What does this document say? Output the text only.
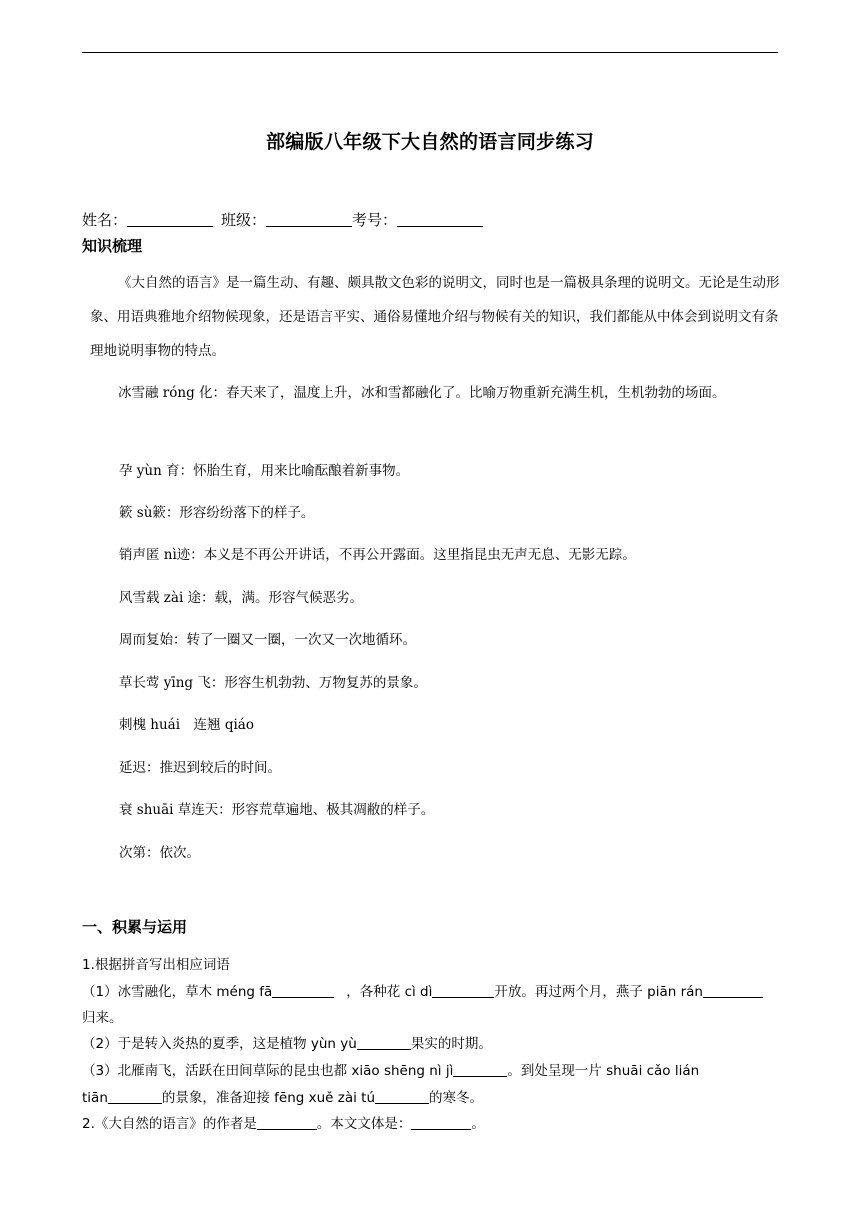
部编版八年级下大自然的语言同步练习
姓名：	班级：	考号：
知识梳理
《大自然的语言》是一篇生动、有趣、颇具散文色彩的说明文，同时也是一篇极具条理的说明文。无论是生动形象、用语典雅地介绍物候现象，还是语言平实、通俗易懂地介绍与物候有关的知识，我们都能从中体会到说明文有条理地说明事物的特点。
冰雪融 róng 化：春天来了，温度上升，冰和雪都融化了。比喻万物重新充满生机，生机勃勃的场面。
孕 yùn 育：怀胎生育，用来比喻酝酿着新事物。
簌 sù簌：形容纷纷落下的样子。
销声匿 nì迹：本义是不再公开讲话，不再公开露面。这里指昆虫无声无息、无影无踪。
风雪载 zài 途：载，满。形容气候恶劣。
周而复始：转了一圈又一圈，一次又一次地循环。
草长莺 yīng 飞：形容生机勃勃、万物复苏的景象。
刺槐 huái　连翘 qiáo
延迟：推迟到较后的时间。
衰 shuāi 草连天：形容荒草遍地、极其凋敝的样子。
次第：依次。
一、积累与运用
1.根据拼音写出相应词语
（1）冰雪融化，草木 méng fā	，各种花 cì dì	开放。再过两个月，燕子 piān rán
归来。
（2）于是转入炎热的夏季，这是植物 yùn yù	果实的时期。
（3）北雁南飞，活跃在田间草际的昆虫也都 xiāo shēng nì jì	。到处呈现一片 shuāi cǎo lián
tiān	的景象，准备迎接 fēng xuě zài tú	的寒冬。
2.《大自然的语言》的作者是	。本文文体是：	。
